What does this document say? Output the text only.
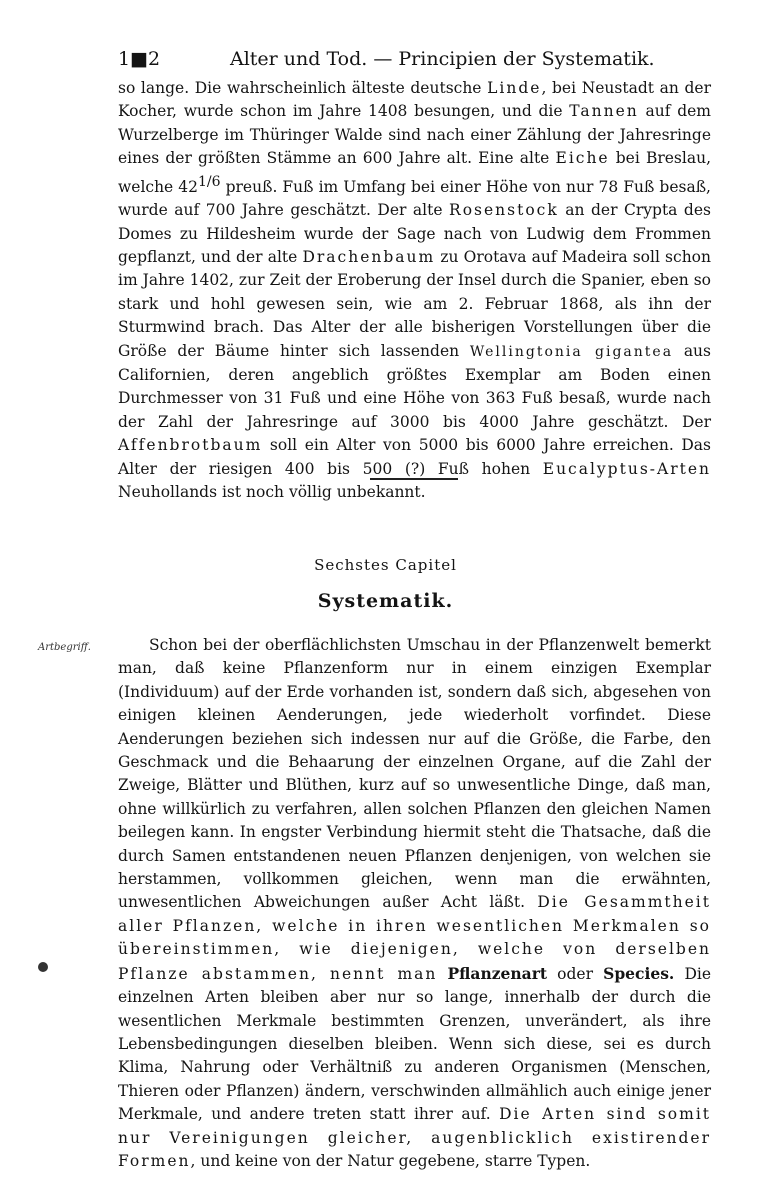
1■2	Alter und Tod. — Principien der Systematik.
so lange. Die wahrscheinlich älteste deutsche Linde, bei Neustadt an der Kocher, wurde schon im Jahre 1408 besungen, und die Tannen auf dem Wurzelberge im Thüringer Walde sind nach einer Zählung der Jahresringe eines der größten Stämme an 600 Jahre alt. Eine alte Eiche bei Breslau, welche $42^{1/6}$ preuß. Fuß im Umfang bei einer Höhe von nur 78 Fuß besaß, wurde auf 700 Jahre geschätzt. Der alte Rosenstock an der Crypta des Domes zu Hildesheim wurde der Sage nach von Ludwig dem Frommen gepflanzt, und der alte Drachenbaum zu Orotava auf Madeira soll schon im Jahre 1402, zur Zeit der Eroberung der Insel durch die Spanier, eben so stark und hohl gewesen sein, wie am 2. Februar 1868, als ihn der Sturmwind brach. Das Alter der alle bisherigen Vorstellungen über die Größe der Bäume hinter sich lassenden Wellingtonia gigantea aus Californien, deren angeblich größtes Exemplar am Boden einen Durchmesser von 31 Fuß und eine Höhe von 363 Fuß besaß, wurde nach der Zahl der Jahresringe auf 3000 bis 4000 Jahre geschätzt. Der Affenbrotbaum soll ein Alter von 5000 bis 6000 Jahre erreichen. Das Alter der riesigen 400 bis 500 (?) Fuß hohen Eucalyptus-Arten Neuhollands ist noch völlig unbekannt.
Sechstes Capitel
Systematik.
Artbegriff.	Schon bei der oberflächlichsten Umschau in der Pflanzenwelt bemerkt man, daß keine Pflanzenform nur in einem einzigen Exemplar (Individuum) auf der Erde vorhanden ist, sondern daß sich, abgesehen von einigen kleinen Aenderungen, jede wiederholt vorfindet. Diese Aenderungen beziehen sich indessen nur auf die Größe, die Farbe, den Geschmack und die Behaarung der einzelnen Organe, auf die Zahl der Zweige, Blätter und Blüthen, kurz auf so unwesentliche Dinge, daß man, ohne willkürlich zu verfahren, allen solchen Pflanzen den gleichen Namen beilegen kann. In engster Verbindung hiermit steht die Thatsache, daß die durch Samen entstandenen neuen Pflanzen denjenigen, von welchen sie herstammen, vollkommen gleichen, wenn man die erwähnten, unwesentlichen Abweichungen außer Acht läßt. Die Gesammtheit aller Pflanzen, welche in ihren wesentlichen Merkmalen so übereinstimmen, wie diejenigen, welche von derselben Pflanze abstammen, nennt man Pflanzenart oder Species. Die einzelnen Arten bleiben aber nur so lange, innerhalb der durch die wesentlichen Merkmale bestimmten Grenzen, unverändert, als ihre Lebensbedingungen dieselben bleiben. Wenn sich diese, sei es durch Klima, Nahrung oder Verhältniß zu anderen Organismen (Menschen, Thieren oder Pflanzen) ändern, verschwinden allmählich auch einige jener Merkmale, und andere treten statt ihrer auf. Die Arten sind somit nur Vereinigungen gleicher, augenblicklich existirender Formen, und keine von der Natur gegebene, starre Typen.
